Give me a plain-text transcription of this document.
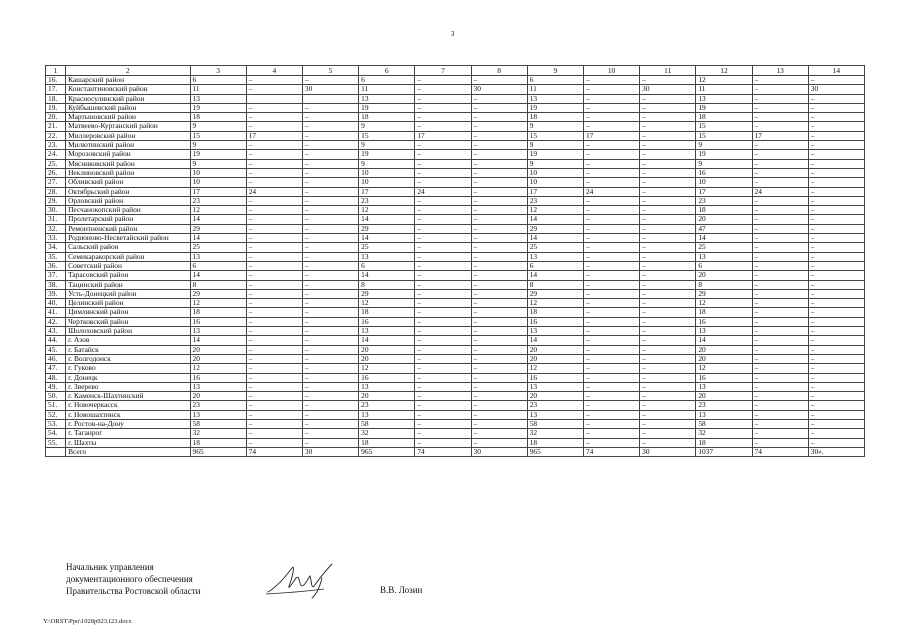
3
1	2	3	4	5	6	7	8	9	10	11	12	13	14
16.	Кашарский район	6	–	–	6	–	–	6	–	–	12	–	–
17.	Константиновский район	11	–	30	11	–	30	11	–	30	11	–	30
18.	Красносулинский район	13			13	–	–	13	–	–	13	–	–
19.	Куйбышевский район	19	–	–	19	–	–	19	–	–	19	–	–
20.	Мартыновский район	18	–	–	18	–	–	18	–	–	18	–	–
21.	Матвеево-Курганский район	9	–	–	9	–	–	9	–	–	15	–	–
22.	Миллеровский район	15	17	–	15	17	–	15	17	–	15	17	–
23.	Милютинский район	9	–	–	9	–	–	9	–	–	9	–	–
24.	Морозовский район	19	–	–	19	–	–	19	–	–	19	–	–
25.	Мясниковский район	9	–	–	9	–	–	9	–	–	9	–	–
26.	Неклиновский район	10	–	–	10	–	–	10	–	–	16	–	–
27.	Обливский район	10	–	–	10	–	–	10	–	–	10	–	–
28.	Октябрьский район	17	24	–	17	24	–	17	24	–	17	24	–
29.	Орловский район	23	–	–	23	–	–	23	–	–	23	–	–
30.	Песчанокопский район	12	–	–	12	–	–	12	–	–	18	–	–
31.	Пролетарский район	14	–	–	14	–	–	14	–	–	20	–	–
32.	Ремонтненский район	29	–	–	29	–	–	29	–	–	47	–	–
33.	Родионово-Несветайский район	14	–	–	14	–	–	14	–	–	14	–	–
34.	Сальский район	25	–	–	25	–	–	25	–	–	25	–	–
35.	Семикаракорский район	13	–	–	13	–	–	13	–	–	13	–	–
36.	Советский район	6	–	–	6	–	–	6	–	–	6	–	–
37.	Тарасовский район	14	–	–	14	–	–	14	–	–	20	–	–
38.	Тацинский район	8	–	–	8	–	–	8	–	–	8	–	–
39.	Усть-Донецкий район	29	–	–	29	–	–	29	–	–	29	–	–
40.	Целинский район	12	–	–	12	–	–	12	–	–	12	–	–
41.	Цимлянский район	18	–	–	18	–	–	18	–	–	18	–	–
42.	Чертковский район	16	–	–	16	–	–	16	–	–	16	–	–
43.	Шолоховский район	13	–	–	13	–	–	13	–	–	13	–	–
44.	г. Азов	14	–	–	14	–	–	14	–	–	14	–	–
45.	г. Батайск	20	–	–	20	–	–	20	–	–	20	–	–
46.	г. Волгодонск	20	–	–	20	–	–	20	–	–	20	–	–
47.	г. Гуково	12	–	–	12	–	–	12	–	–	12	–	–
48.	г. Донецк	16	–	–	16	–	–	16	–	–	16	–	–
49.	г. Зверево	13	–	–	13	–	–	13	–	–	13	–	–
50.	г. Каменск-Шахтинский	20	–	–	20	–	–	20	–	–	20	–	–
51.	г. Новочеркасск	23	–	–	23	–	–	23	–	–	23	–	–
52.	г. Новошахтинск	13	–	–	13	–	–	13	–	–	13	–	–
53.	г. Ростов-на-Дону	58	–	–	58	–	–	58	–	–	58	–	–
54.	г. Таганрог	32	–	–	32	–	–	32	–	–	32	–	–
55.	г. Шахты	18	–	–	18	–	–	18	–	–	18	–	–
	Всего	965	74	30	965	74	30	965	74	30	1037	74	30».
Начальник управления
документационного обеспечения
Правительства Ростовской области	В.В. Лозин
Y:\ORST\Ppo\1028p923.f23.docx
